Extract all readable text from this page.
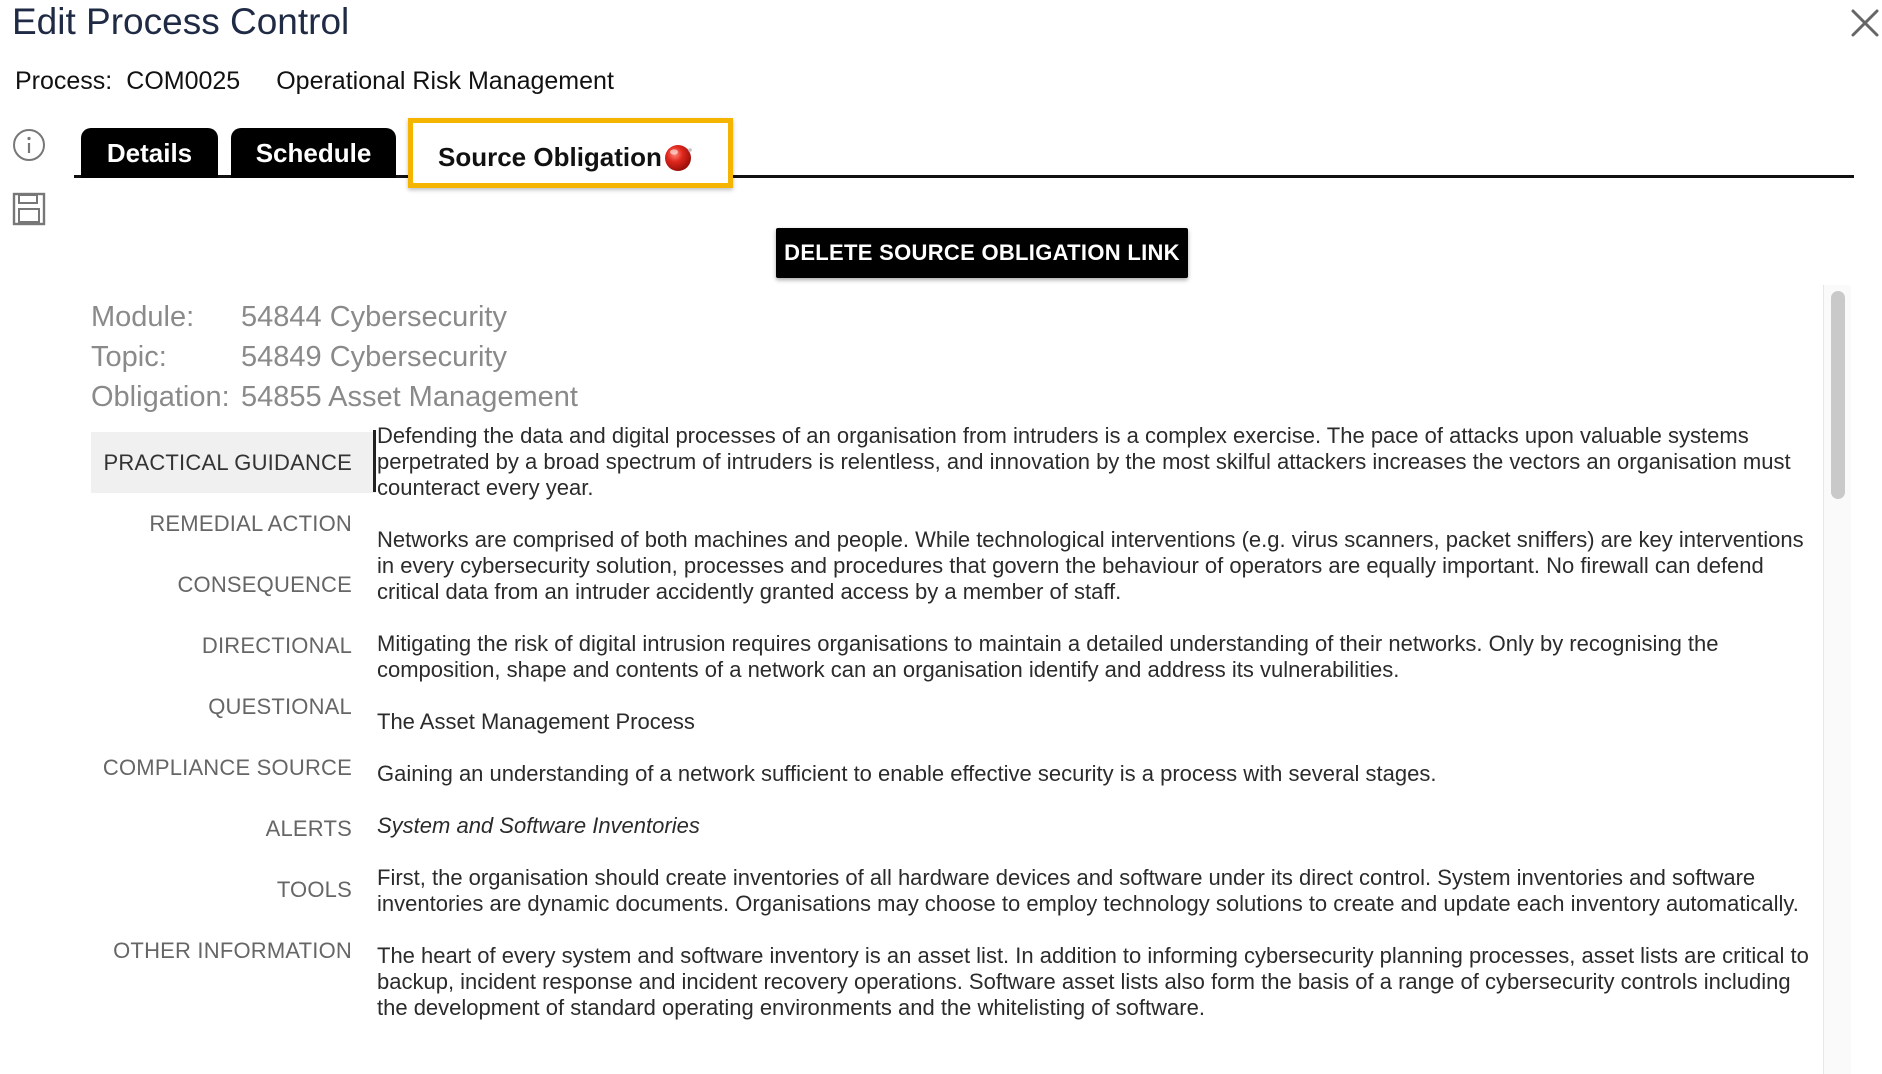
Edit Process Control
Process: COM0025 Operational Risk Management
Details Schedule	Source Obligation
DELETE SOURCE OBLIGATION LINK
Module:	54844 Cybersecurity
Topic:	54849 Cybersecurity
Obligation: 54855 Asset Management
PRACTICAL GUIDANCE
REMEDIAL ACTION
CONSEQUENCE
DIRECTIONAL
QUESTIONAL
COMPLIANCE SOURCE
ALERTS
TOOLS
OTHER INFORMATION

Defending the data and digital processes of an organisation from intruders is a complex exercise. The pace of attacks upon valuable systems perpetrated by a broad spectrum of intruders is relentless, and innovation by the most skilful attackers increases the vectors an organisation must counteract every year.

Networks are comprised of both machines and people. While technological interventions (e.g. virus scanners, packet sniffers) are key interventions in every cybersecurity solution, processes and procedures that govern the behaviour of operators are equally important. No firewall can defend critical data from an intruder accidently granted access by a member of staff.

Mitigating the risk of digital intrusion requires organisations to maintain a detailed understanding of their networks. Only by recognising the composition, shape and contents of a network can an organisation identify and address its vulnerabilities.

The Asset Management Process

Gaining an understanding of a network sufficient to enable effective security is a process with several stages.

System and Software Inventories

First, the organisation should create inventories of all hardware devices and software under its direct control. System inventories and software inventories are dynamic documents. Organisations may choose to employ technology solutions to create and update each inventory automatically.

The heart of every system and software inventory is an asset list. In addition to informing cybersecurity planning processes, asset lists are critical to backup, incident response and incident recovery operations. Software asset lists also form the basis of a range of cybersecurity controls including the development of standard operating environments and the whitelisting of software.
